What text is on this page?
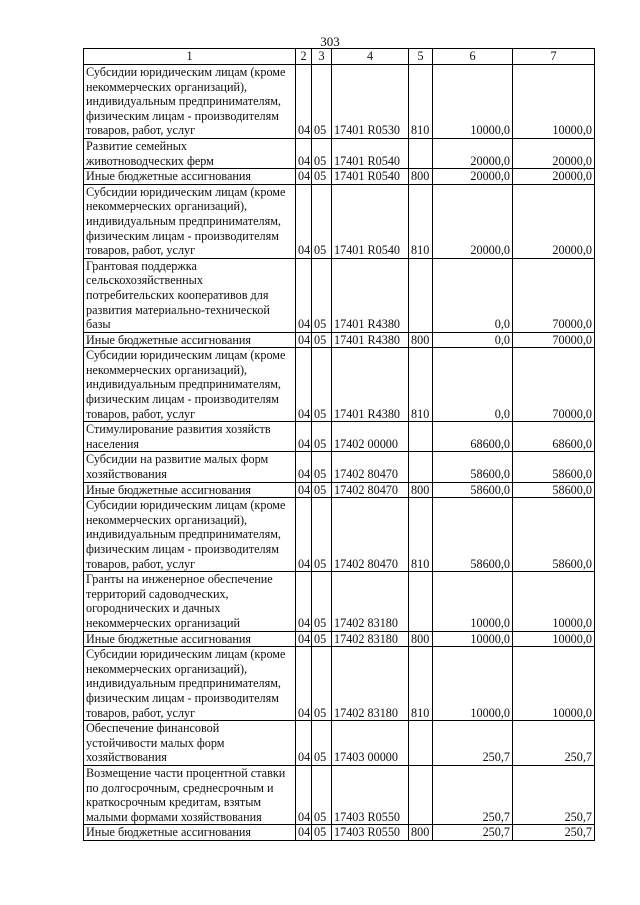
303
1	2	3	4	5	6	7
Субсидии юридическим лицам (кроме
некоммерческих организаций),
индивидуальным предпринимателям,
физическим лицам - производителям
товаров, работ, услуг	04	05	17401 R0530	810	10000,0	10000,0
Развитие семейных
животноводческих ферм	04	05	17401 R0540		20000,0	20000,0
Иные бюджетные ассигнования	04	05	17401 R0540	800	20000,0	20000,0
Субсидии юридическим лицам (кроме
некоммерческих организаций),
индивидуальным предпринимателям,
физическим лицам - производителям
товаров, работ, услуг	04	05	17401 R0540	810	20000,0	20000,0
Грантовая поддержка
сельскохозяйственных
потребительских кооперативов для
развития материально-технической
базы	04	05	17401 R4380		0,0	70000,0
Иные бюджетные ассигнования	04	05	17401 R4380	800	0,0	70000,0
Субсидии юридическим лицам (кроме
некоммерческих организаций),
индивидуальным предпринимателям,
физическим лицам - производителям
товаров, работ, услуг	04	05	17401 R4380	810	0,0	70000,0
Стимулирование развития хозяйств
населения	04	05	17402 00000		68600,0	68600,0
Субсидии на развитие малых форм
хозяйствования	04	05	17402 80470		58600,0	58600,0
Иные бюджетные ассигнования	04	05	17402 80470	800	58600,0	58600,0
Субсидии юридическим лицам (кроме
некоммерческих организаций),
индивидуальным предпринимателям,
физическим лицам - производителям
товаров, работ, услуг	04	05	17402 80470	810	58600,0	58600,0
Гранты на инженерное обеспечение
территорий садоводческих,
огороднических и дачных
некоммерческих организаций	04	05	17402 83180		10000,0	10000,0
Иные бюджетные ассигнования	04	05	17402 83180	800	10000,0	10000,0
Субсидии юридическим лицам (кроме
некоммерческих организаций),
индивидуальным предпринимателям,
физическим лицам - производителям
товаров, работ, услуг	04	05	17402 83180	810	10000,0	10000,0
Обеспечение финансовой
устойчивости малых форм
хозяйствования	04	05	17403 00000		250,7	250,7
Возмещение части процентной ставки
по долгосрочным, среднесрочным и
краткосрочным кредитам, взятым
малыми формами хозяйствования	04	05	17403 R0550		250,7	250,7
Иные бюджетные ассигнования	04	05	17403 R0550	800	250,7	250,7
